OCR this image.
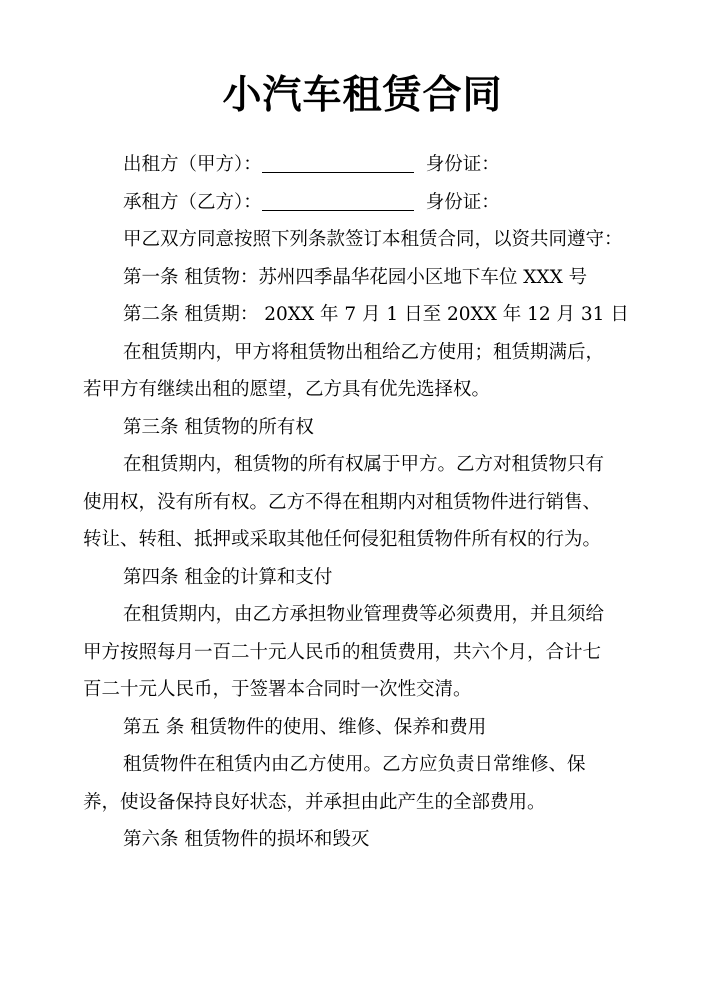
小汽车租赁合同
出租方（甲方）：	身份证：
承租方（乙方）：	身份证：
甲乙双方同意按照下列条款签订本租赁合同，以资共同遵守：
第一条 租赁物：苏州四季晶华花园小区地下车位 XXX 号
第二条 租赁期： 20XX 年 7 月 1 日至 20XX 年 12 月 31 日
在租赁期内，甲方将租赁物出租给乙方使用；租赁期满后，
若甲方有继续出租的愿望，乙方具有优先选择权。
第三条 租赁物的所有权
在租赁期内，租赁物的所有权属于甲方。乙方对租赁物只有
使用权，没有所有权。乙方不得在租期内对租赁物件进行销售、
转让、转租、抵押或采取其他任何侵犯租赁物件所有权的行为。
第四条 租金的计算和支付
在租赁期内，由乙方承担物业管理费等必须费用，并且须给
甲方按照每月一百二十元人民币的租赁费用，共六个月，合计七
百二十元人民币，于签署本合同时一次性交清。
第五 条 租赁物件的使用、维修、保养和费用
租赁物件在租赁内由乙方使用。乙方应负责日常维修、保
养，使设备保持良好状态，并承担由此产生的全部费用。
第六条 租赁物件的损坏和毁灭
